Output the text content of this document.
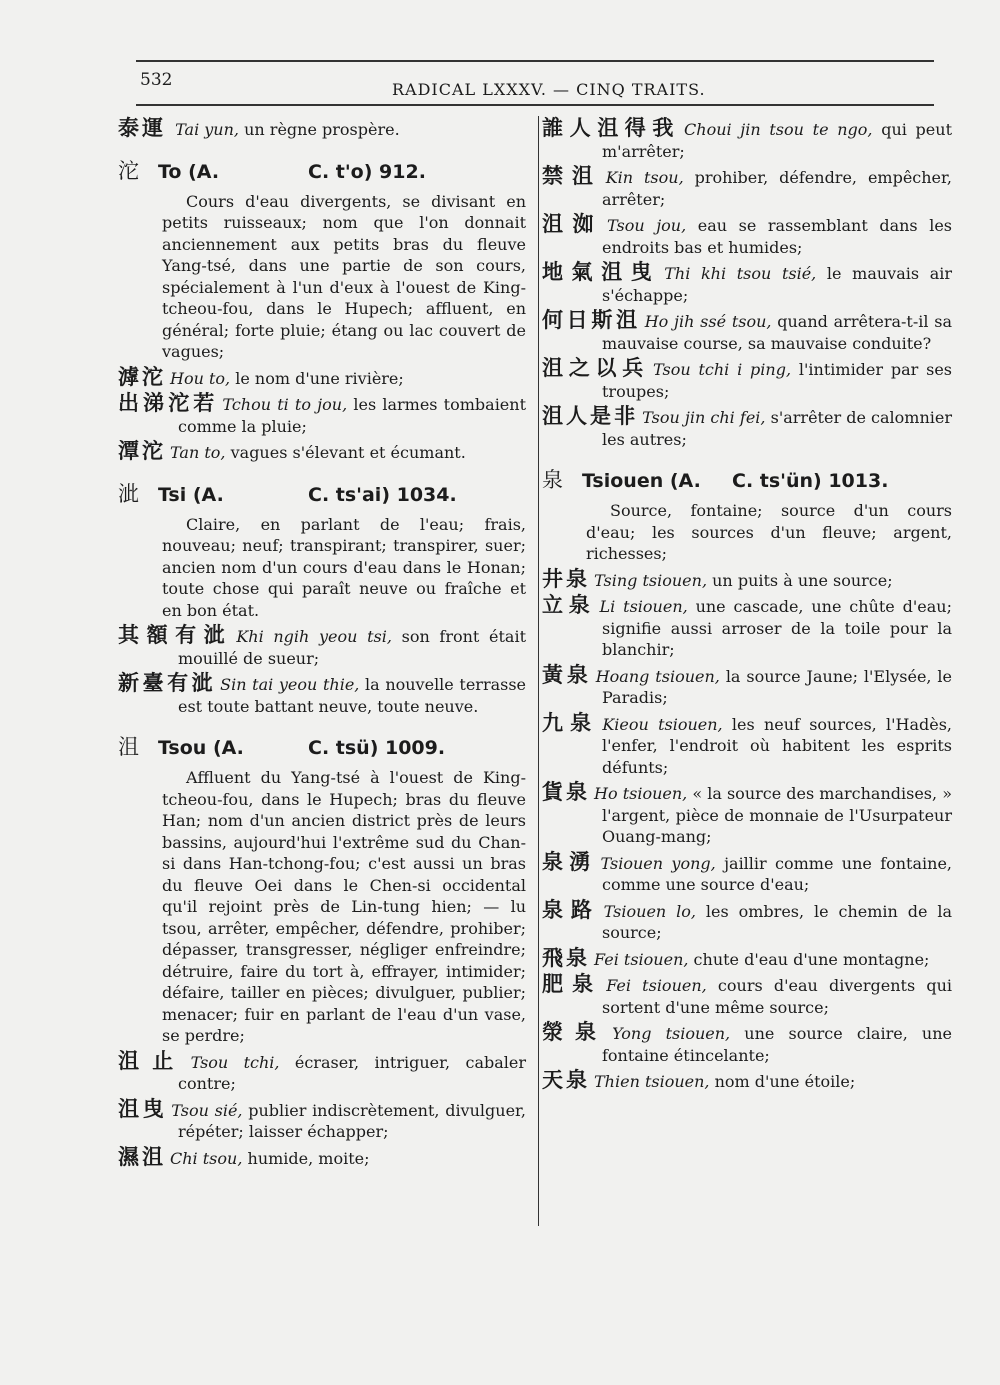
532	RADICAL LXXXV. — CINQ TRAITS.

泰運 Tai yun, un règne prospère.

沱	To (A.	C. t'o) 912.

Cours d'eau divergents, se divisant en petits ruisseaux; nom que l'on donnait anciennement aux petits bras du fleuve Yang-tsé, dans une partie de son cours, spécialement à l'un d'eux à l'ouest de King-tcheou-fou, dans le Hupech; affluent, en général; forte pluie; étang ou lac couvert de vagues;

滹沱 Hou to, le nom d'une rivière;

出涕沱若 Tchou ti to jou, les larmes tombaient comme la pluie;

潭沱 Tan to, vagues s'élevant et écumant.

泚	Tsi (A.	C. ts'ai) 1034.

Claire, en parlant de l'eau; frais, nouveau; neuf; transpirant; transpirer, suer; ancien nom d'un cours d'eau dans le Honan; toute chose qui paraît neuve ou fraîche et en bon état.

其額有泚 Khi ngih yeou tsi, son front était mouillé de sueur;

新臺有泚 Sin tai yeou thie, la nouvelle terrasse est toute battant neuve, toute neuve.

沮	Tsou (A.	C. tsü) 1009.

Affluent du Yang-tsé à l'ouest de King-tcheou-fou, dans le Hupech; bras du fleuve Han; nom d'un ancien district près de leurs bassins, aujourd'hui l'extrême sud du Chan-si dans Han-tchong-fou; c'est aussi un bras du fleuve Oei dans le Chen-si occidental qu'il rejoint près de Lin-tung hien; — lu tsou, arrêter, empêcher, défendre, prohiber; dépasser, transgresser, négliger enfreindre; détruire, faire du tort à, effrayer, intimider; défaire, tailler en pièces; divulguer, publier; menacer; fuir en parlant de l'eau d'un vase, se perdre;

沮止 Tsou tchi, écraser, intriguer, cabaler contre;

沮曳 Tsou sié, publier indiscrètement, divulguer, répéter; laisser échapper;

濕沮 Chi tsou, humide, moite;

誰人沮得我 Choui jin tsou te ngo, qui peut m'arrêter;

禁沮 Kin tsou, prohiber, défendre, empêcher, arrêter;

沮洳 Tsou jou, eau se rassemblant dans les endroits bas et humides;

地氣沮曳 Thi khi tsou tsié, le mauvais air s'échappe;

何日斯沮 Ho jih ssé tsou, quand arrêtera-t-il sa mauvaise course, sa mauvaise conduite?

沮之以兵 Tsou tchi i ping, l'intimider par ses troupes;

沮人是非 Tsou jin chi fei, s'arrêter de calomnier les autres;

泉	Tsiouen (A.	C. ts'ün) 1013.

Source, fontaine; source d'un cours d'eau; les sources d'un fleuve; argent, richesses;

井泉 Tsing tsiouen, un puits à une source;

立泉 Li tsiouen, une cascade, une chûte d'eau; signifie aussi arroser de la toile pour la blanchir;

黃泉 Hoang tsiouen, la source Jaune; l'Elysée, le Paradis;

九泉 Kieou tsiouen, les neuf sources, l'Hadès, l'enfer, l'endroit où habitent les esprits défunts;

貨泉 Ho tsiouen, « la source des marchandises, » l'argent, pièce de monnaie de l'Usurpateur Ouang-mang;

泉湧 Tsiouen yong, jaillir comme une fontaine, comme une source d'eau;

泉路 Tsiouen lo, les ombres, le chemin de la source;

飛泉 Fei tsiouen, chute d'eau d'une montagne;

肥泉 Fei tsiouen, cours d'eau divergents qui sortent d'une même source;

滎泉 Yong tsiouen, une source claire, une fontaine étincelante;

天泉 Thien tsiouen, nom d'une étoile;
